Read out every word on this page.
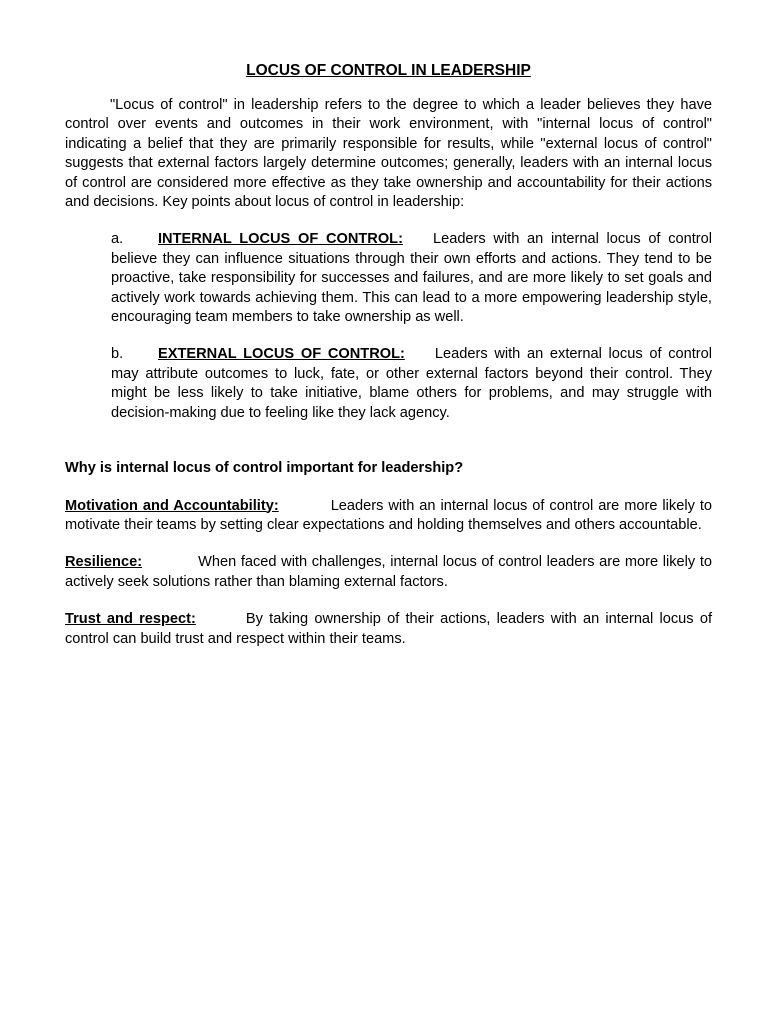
LOCUS OF CONTROL IN LEADERSHIP

"Locus of control" in leadership refers to the degree to which a leader believes they have control over events and outcomes in their work environment, with "internal locus of control" indicating a belief that they are primarily responsible for results, while "external locus of control" suggests that external factors largely determine outcomes; generally, leaders with an internal locus of control are considered more effective as they take ownership and accountability for their actions and decisions. Key points about locus of control in leadership:

a. INTERNAL LOCUS OF CONTROL: Leaders with an internal locus of control believe they can influence situations through their own efforts and actions. They tend to be proactive, take responsibility for successes and failures, and are more likely to set goals and actively work towards achieving them. This can lead to a more empowering leadership style, encouraging team members to take ownership as well.

b. EXTERNAL LOCUS OF CONTROL: Leaders with an external locus of control may attribute outcomes to luck, fate, or other external factors beyond their control. They might be less likely to take initiative, blame others for problems, and may struggle with decision-making due to feeling like they lack agency.

Why is internal locus of control important for leadership?

Motivation and Accountability:	Leaders with an internal locus of control are more likely to motivate their teams by setting clear expectations and holding themselves and others accountable.

Resilience:	When faced with challenges, internal locus of control leaders are more likely to actively seek solutions rather than blaming external factors.

Trust and respect:	By taking ownership of their actions, leaders with an internal locus of control can build trust and respect within their teams.
